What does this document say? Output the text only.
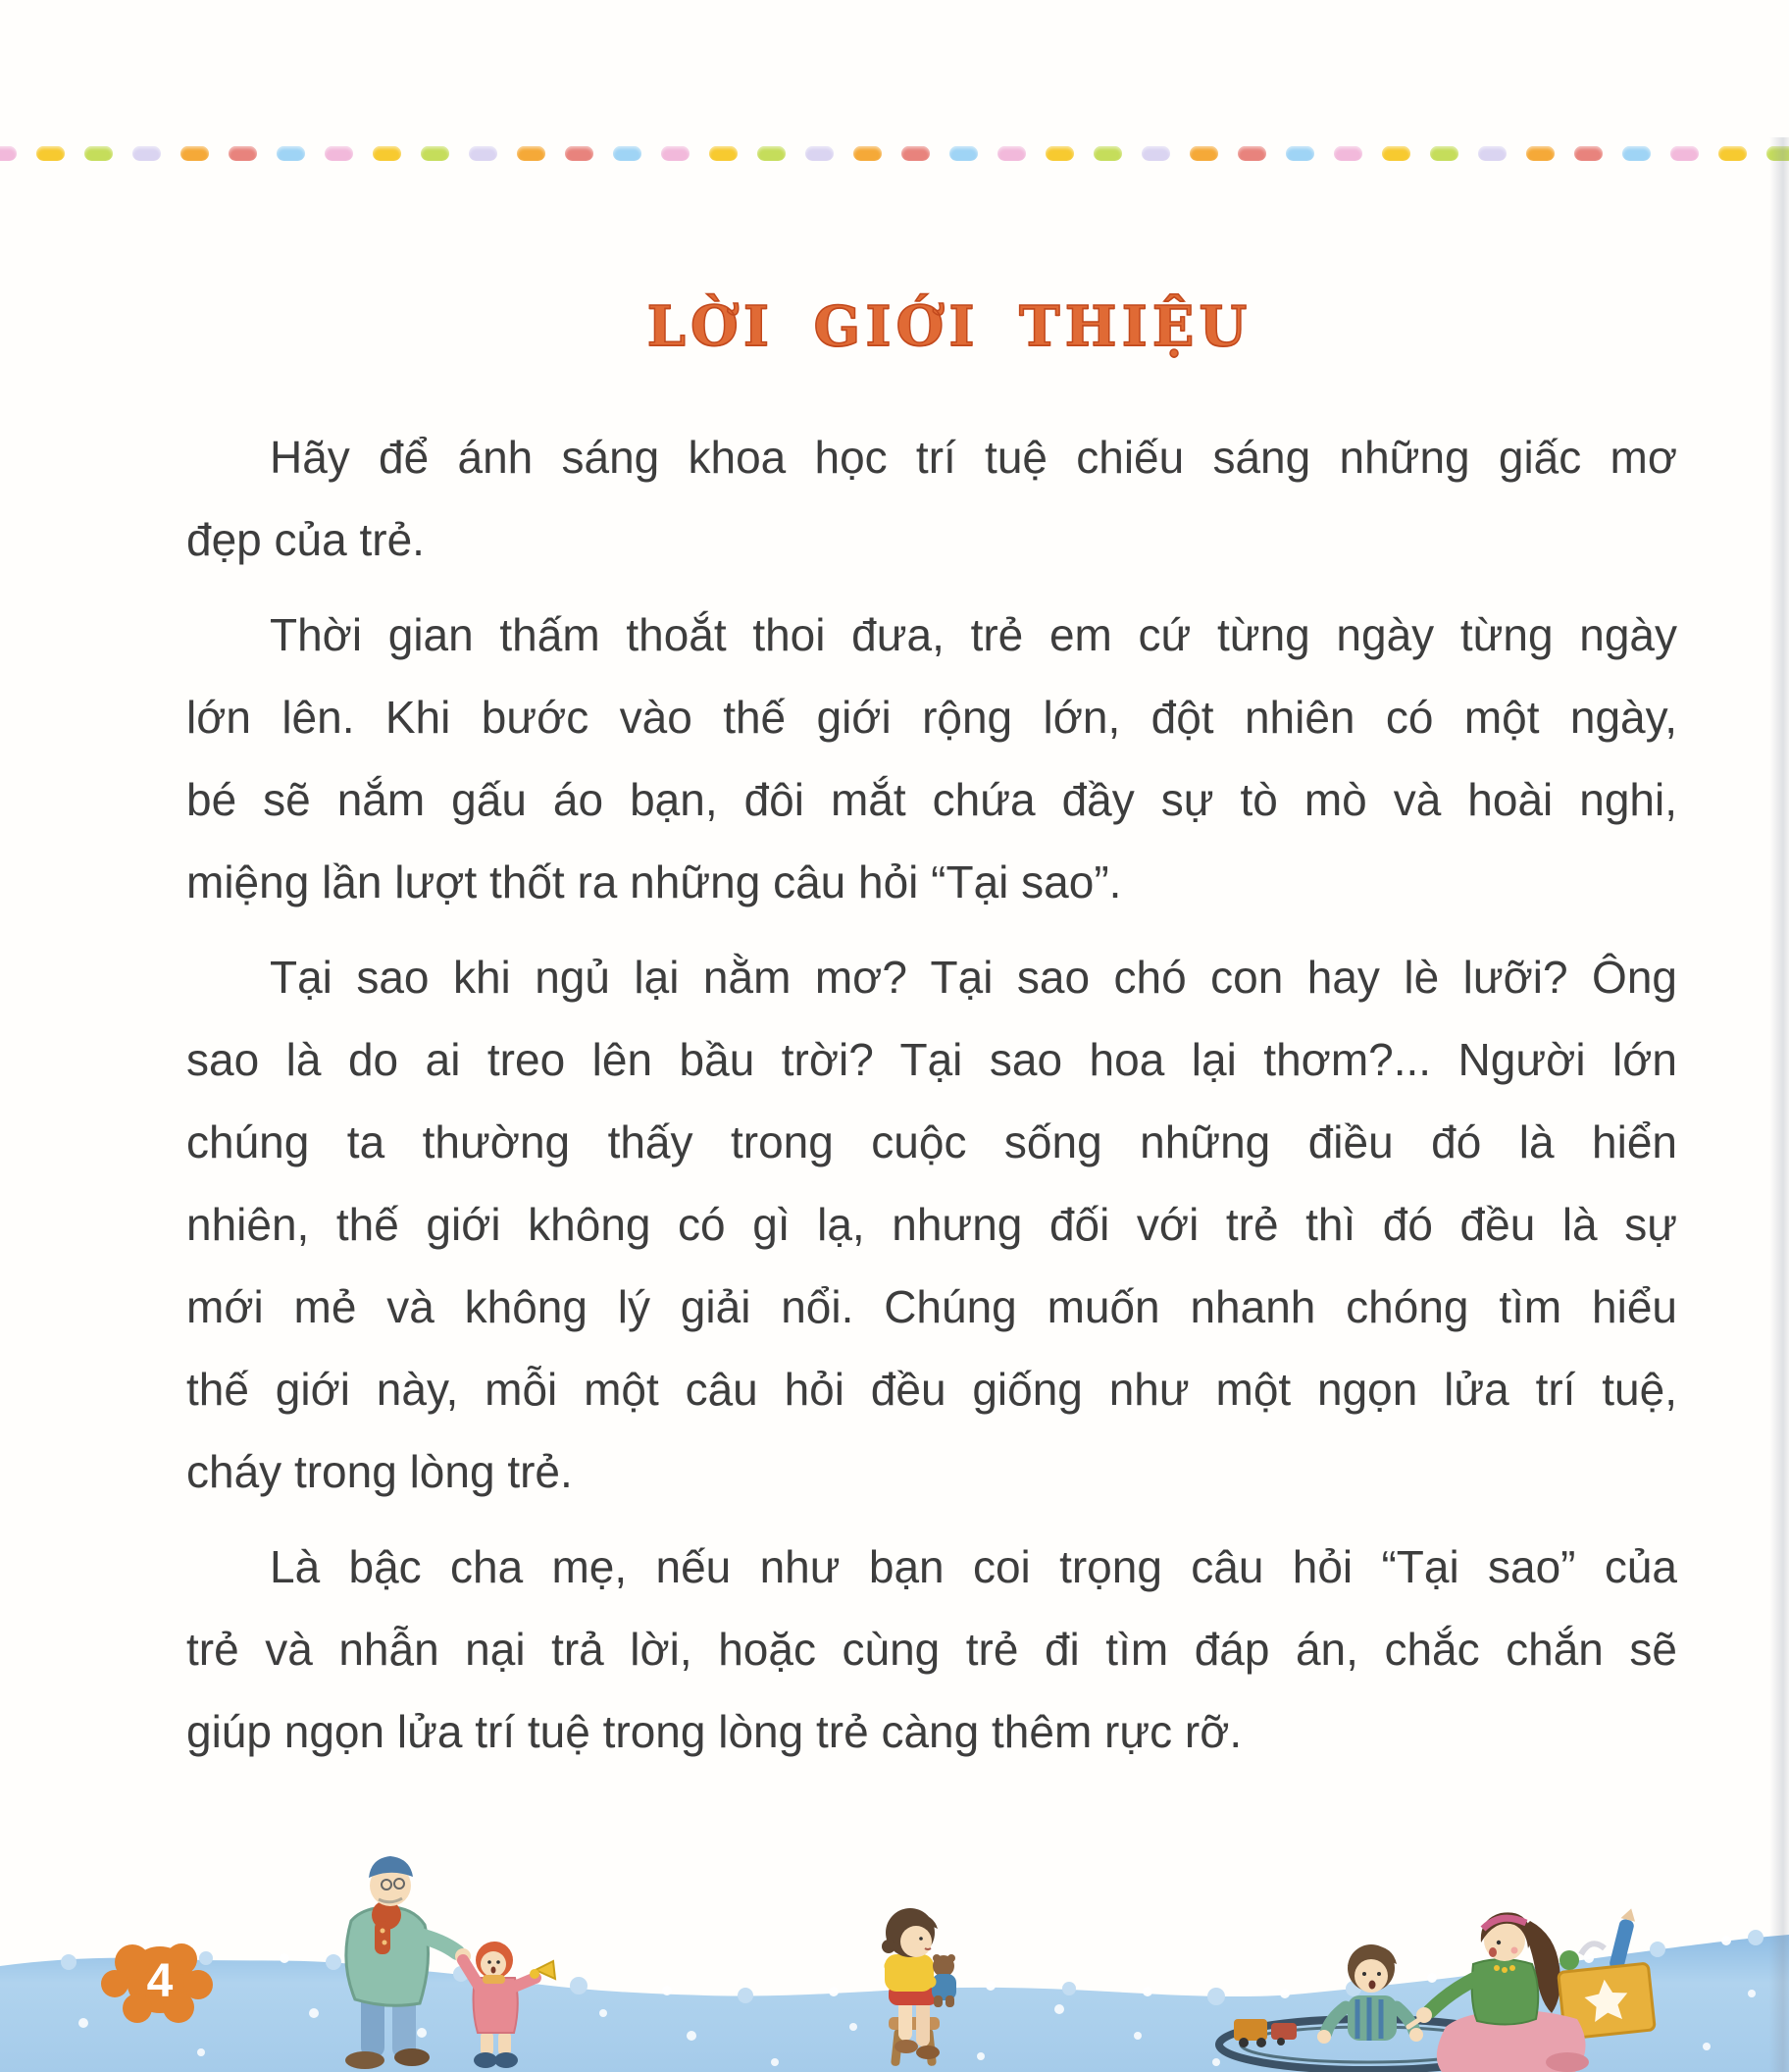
LỜI GIỚI THIỆU
Hãy để ánh sáng khoa học trí tuệ chiếu sáng những giấc mơ
đẹp của trẻ.
Thời gian thấm thoắt thoi đưa, trẻ em cứ từng ngày từng ngày
lớn lên. Khi bước vào thế giới rộng lớn, đột nhiên có một ngày,
bé sẽ nắm gấu áo bạn, đôi mắt chứa đầy sự tò mò và hoài nghi,
miệng lần lượt thốt ra những câu hỏi “Tại sao”.
Tại sao khi ngủ lại nằm mơ? Tại sao chó con hay lè lưỡi? Ông
sao là do ai treo lên bầu trời? Tại sao hoa lại thơm?... Người lớn
chúng ta thường thấy trong cuộc sống những điều đó là hiển
nhiên, thế giới không có gì lạ, nhưng đối với trẻ thì đó đều là sự
mới mẻ và không lý giải nổi. Chúng muốn nhanh chóng tìm hiểu
thế giới này, mỗi một câu hỏi đều giống như một ngọn lửa trí tuệ,
cháy trong lòng trẻ.
Là bậc cha mẹ, nếu như bạn coi trọng câu hỏi “Tại sao” của
trẻ và nhẫn nại trả lời, hoặc cùng trẻ đi tìm đáp án, chắc chắn sẽ
giúp ngọn lửa trí tuệ trong lòng trẻ càng thêm rực rỡ.
4
